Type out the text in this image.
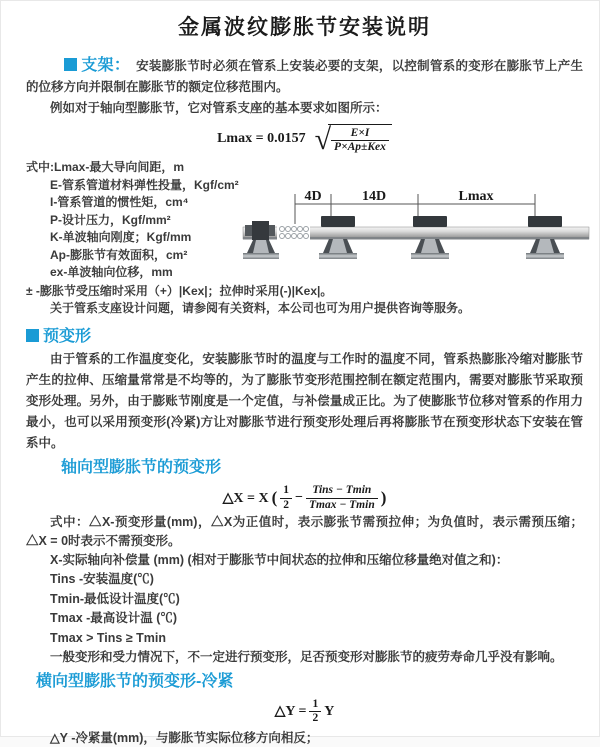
金属波纹膨胀节安装说明

支架： 安装膨胀节时必须在管系上安装必要的支架，以控制管系的变形在膨胀节上产生的位移方向并限制在膨胀节的额定位移范围内。

例如对于轴向型膨胀节，它对管系支座的基本要求如图所示：

Lmax = 0.0157 √ $\frac{E\times I}{\text{P×Ap±Kex}}$
式中:Lmax-最大导向间距，m
E-管系管道材料弹性投量，Kgf/cm²
I-管系管道的惯性矩，cm⁴
P-设计压力，Kgf/mm²
K-单波轴向刚度；Kgf/mm
Ap-膨胀节有效面积，cm²
ex-单波轴向位移，mm
4D	14D	Lmax
± -膨胀节受压缩时采用（+）|Kex|；拉伸时采用(-)|Kex|。
关于管系支座设计问题，请参阅有关资料，本公司也可为用户提供咨询等服务。
预变形

由于管系的工作温度变化，安装膨胀节时的温度与工作时的温度不同，管系热膨胀冷缩对膨胀节产生的拉伸、压缩量常常是不均等的，为了膨胀节变形范围控制在额定范围内，需要对膨胀节采取预变形处理。另外，由于膨账节刚度是一个定值，与补偿量成正比。为了使膨胀节位移对管系的作用力最小，也可以采用预变形(冷紧)方让对膨胀节进行预变形处理后再将膨胀节在预变形状态下安装在管系中。

轴向型膨胀节的预变形
△X = X ( $\frac{1}{2} - \frac{\text{Tins − Tmin}}{Tmax - Tmin}$ )

式中：△X-预变形量(mm)，△X为正值时，表示膨张节需预拉伸；为负值时，表示需预压缩；△X = 0时表示不需预变形。

X-实际轴向补偿量 (mm) (相对于膨胀节中间状态的拉伸和压缩位移量绝对值之和)：
Tins -安装温度(℃)
Tmin-最低设计温度(℃)
Tmax -最高设计温 (℃)
Tmax > Tins ≥ Tmin
一般变形和受力情况下，不一定进行预变形，足否预变形对膨胀节的疲劳寿命几乎没有影响。
横向型膨胀节的预变形-冷紧
△Y = $\frac{1}{2}$ Y
△Y -冷紧量(mm)，与膨胀节实际位移方向相反；
